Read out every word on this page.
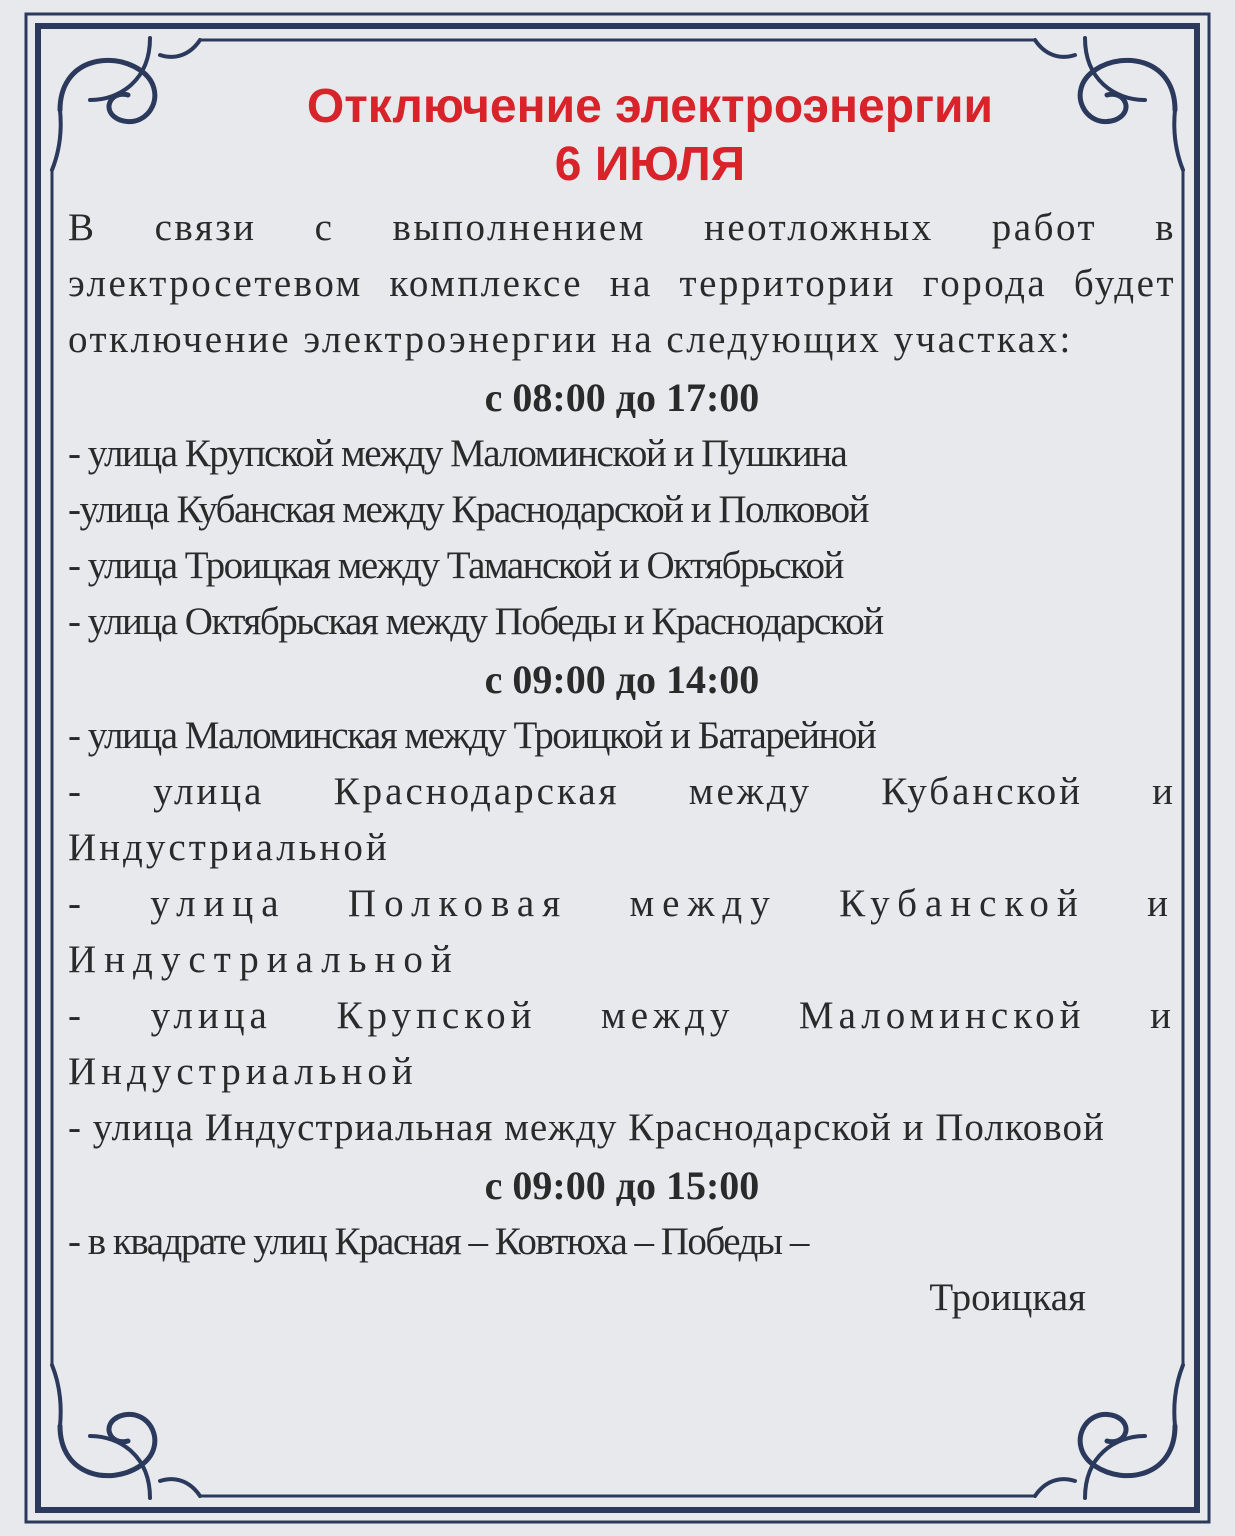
Отключение электроэнергии
6 ИЮЛЯ

В связи с выполнением неотложных работ в электросетевом комплексе на территории города будет отключение электроэнергии на следующих участках:

с 08:00 до 17:00
- улица Крупской между Маломинской и Пушкина
-улица Кубанская между Краснодарской и Полковой
- улица Троицкая между Таманской и Октябрьской
- улица Октябрьская между Победы и Краснодарской
с 09:00 до 14:00
- улица Маломинская между Троицкой и Батарейной
- улица Краснодарская между Кубанской и Индустриальной
- улица Полковая между Кубанской и Индустриальной
- улица Крупской между Маломинской и Индустриальной
- улица Индустриальная между Краснодарской и Полковой
с 09:00 до 15:00
- в квадрате улиц Красная – Ковтюха – Победы –
Троицкая
